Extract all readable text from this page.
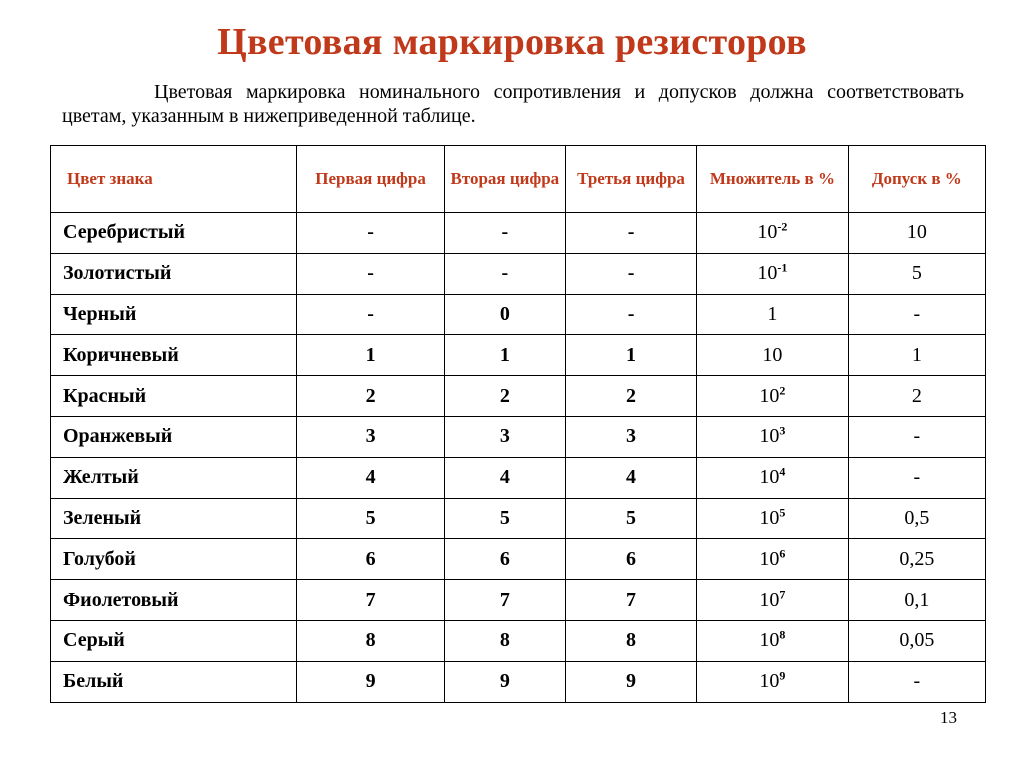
Цветовая маркировка резисторов
Цветовая маркировка номинального сопротивления и допусков должна соответствовать цветам, указанным в нижеприведенной таблице.
Цвет знака	Первая цифра	Вторая цифра	Третья цифра	Множитель в %	Допуск в %
Серебристый	-	-	-	$10^{-2}$	10
Золотистый	-	-	-	$10^{-1}$	5
Черный	-	0	-	1	-
Коричневый	1	1	1	10	1
Красный	2	2	2	$10^2$	2
Оранжевый	3	3	3	$10^3$	-
Желтый	4	4	4	$10^4$	-
Зеленый	5	5	5	$10^5$	0,5
Голубой	6	6	6	$10^6$	0,25
Фиолетовый	7	7	7	$10^7$	0,1
Серый	8	8	8	$10^8$	0,05
Белый	9	9	9	$10^9$	-
13
